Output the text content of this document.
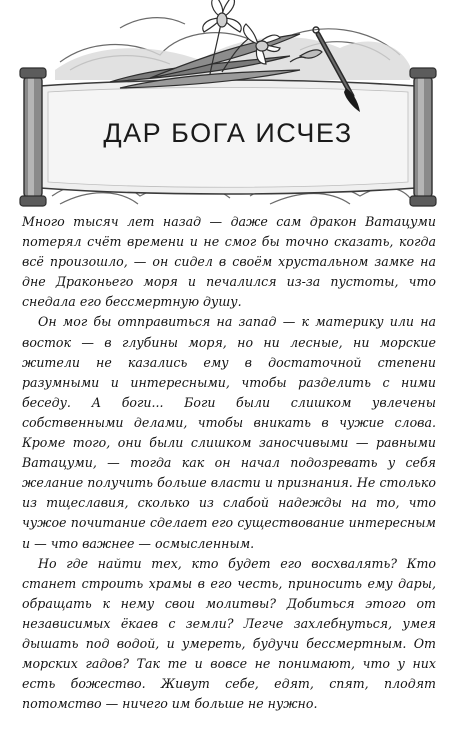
ДАР БОГА ИСЧЕЗ

Много тысяч лет назад — даже сам дракон Ватацуми потерял счёт времени и не смог бы точно сказать, когда всё произошло, — он сидел в своём хрустальном замке на дне Драконьего моря и печалился из-за пустоты, что снедала его бессмертную душу.

Он мог бы отправиться на запад — к материку или на восток — в глубины моря, но ни лесные, ни морские жители не казались ему в достаточной степени разумными и интересными, чтобы разделить с ними беседу. А боги... Боги были слишком увлечены собственными делами, чтобы вникать в чужие слова. Кроме того, они были слишком заносчивыми — равными Ватацуми, — тогда как он начал подозревать у себя желание получить больше власти и признания. Не столько из тщеславия, сколько из слабой надежды на то, что чужое почитание сделает его существование интересным и — что важнее — осмысленным.

Но где найти тех, кто будет его восхвалять? Кто станет строить храмы в его честь, приносить ему дары, обращать к нему свои молитвы? Добиться этого от независимых ёкаев с земли? Легче захлебнуться, умея дышать под водой, и умереть, будучи бессмертным. От морских гадов? Так те и вовсе не понимают, что у них есть божество. Живут себе, едят, спят, плодят потомство — ничего им больше не нужно.
